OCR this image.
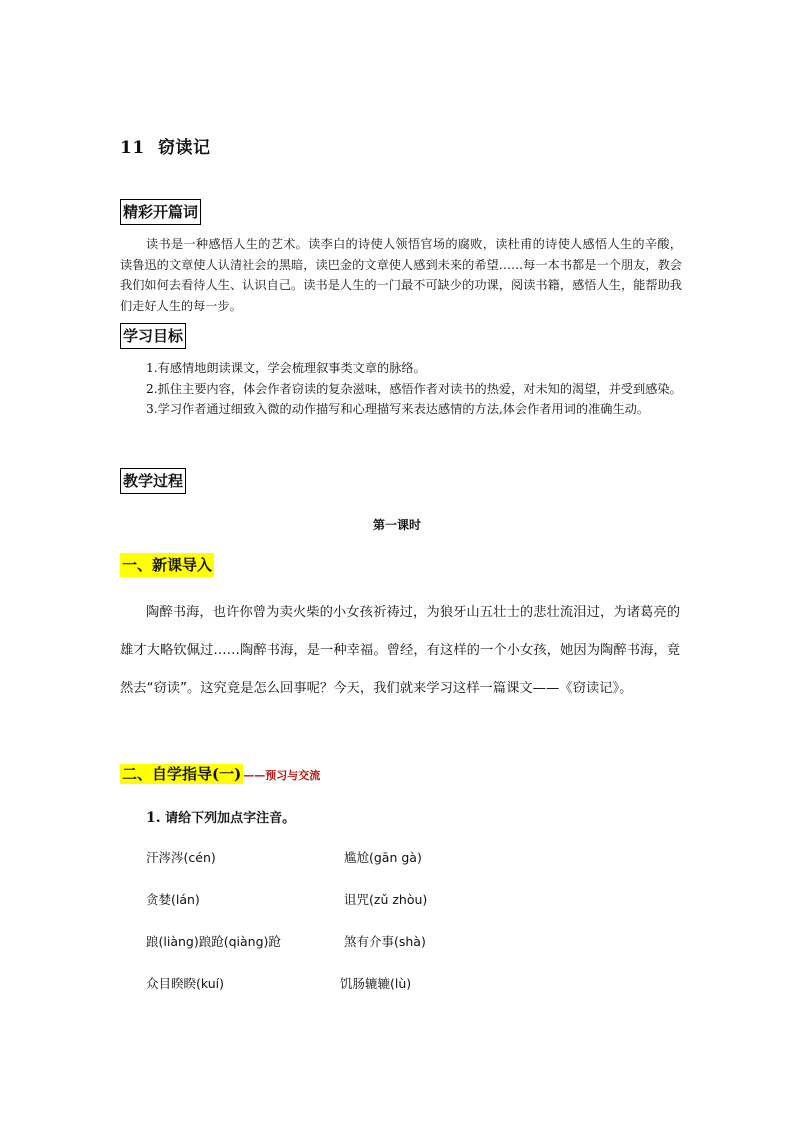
11 窃读记
精彩开篇词

读书是一种感悟人生的艺术。读李白的诗使人领悟官场的腐败，读杜甫的诗使人感悟人生的辛酸，读鲁迅的文章使人认清社会的黑暗，读巴金的文章使人感到未来的希望……每一本书都是一个朋友，教会我们如何去看待人生、认识自己。读书是人生的一门最不可缺少的功课，阅读书籍，感悟人生，能帮助我们走好人生的每一步。

学习目标

1.有感情地朗读课文，学会梳理叙事类文章的脉络。

2.抓住主要内容，体会作者窃读的复杂滋味，感悟作者对读书的热爱，对未知的渴望，并受到感染。

3.学习作者通过细致入微的动作描写和心理描写来表达感情的方法,体会作者用词的准确生动。

教学过程
第一课时
一、新课导入

陶醉书海，也许你曾为卖火柴的小女孩祈祷过，为狼牙山五壮士的悲壮流泪过，为诸葛亮的雄才大略钦佩过……陶醉书海，是一种幸福。曾经，有这样的一个小女孩，她因为陶醉书海，竟然去“窃读”。这究竟是怎么回事呢？今天，我们就来学习这样一篇课文——《窃读记》。

二、自学指导(一) ——预习与交流
1. 请给下列加点字注音。
汗涔涔(cén)	尴尬(gān gà)
贪婪(lán)	诅咒(zǔ zhòu)
踉(liàng)踉跄(qiàng)跄	煞有介事(shà)
众目睽睽(kuí)	饥肠辘辘(lù)
